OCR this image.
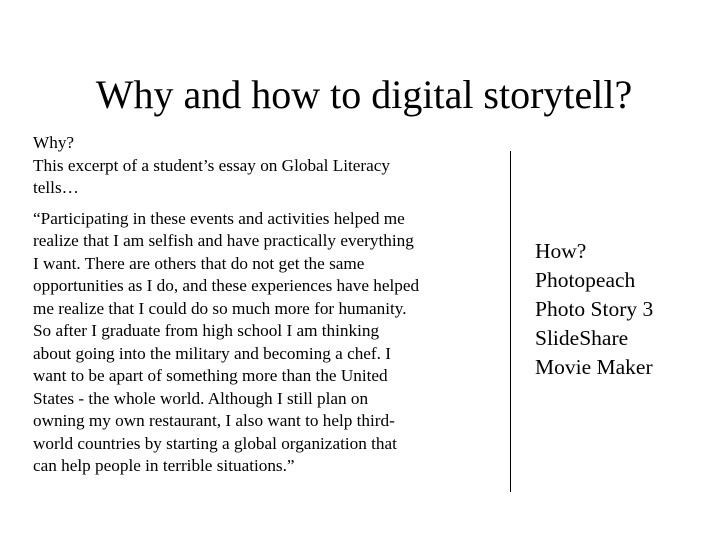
Why and how to digital storytell?
Why?
This excerpt of a student’s essay on Global Literacy
tells…
“Participating in these events and activities helped me
realize that I am selfish and have practically everything
I want. There are others that do not get the same
opportunities as I do, and these experiences have helped
me realize that I could do so much more for humanity.
So after I graduate from high school I am thinking
about going into the military and becoming a chef. I
want to be apart of something more than the United
States - the whole world. Although I still plan on
owning my own restaurant, I also want to help third-
world countries by starting a global organization that
can help people in terrible situations.”
How?
Photopeach
Photo Story 3
SlideShare
Movie Maker
